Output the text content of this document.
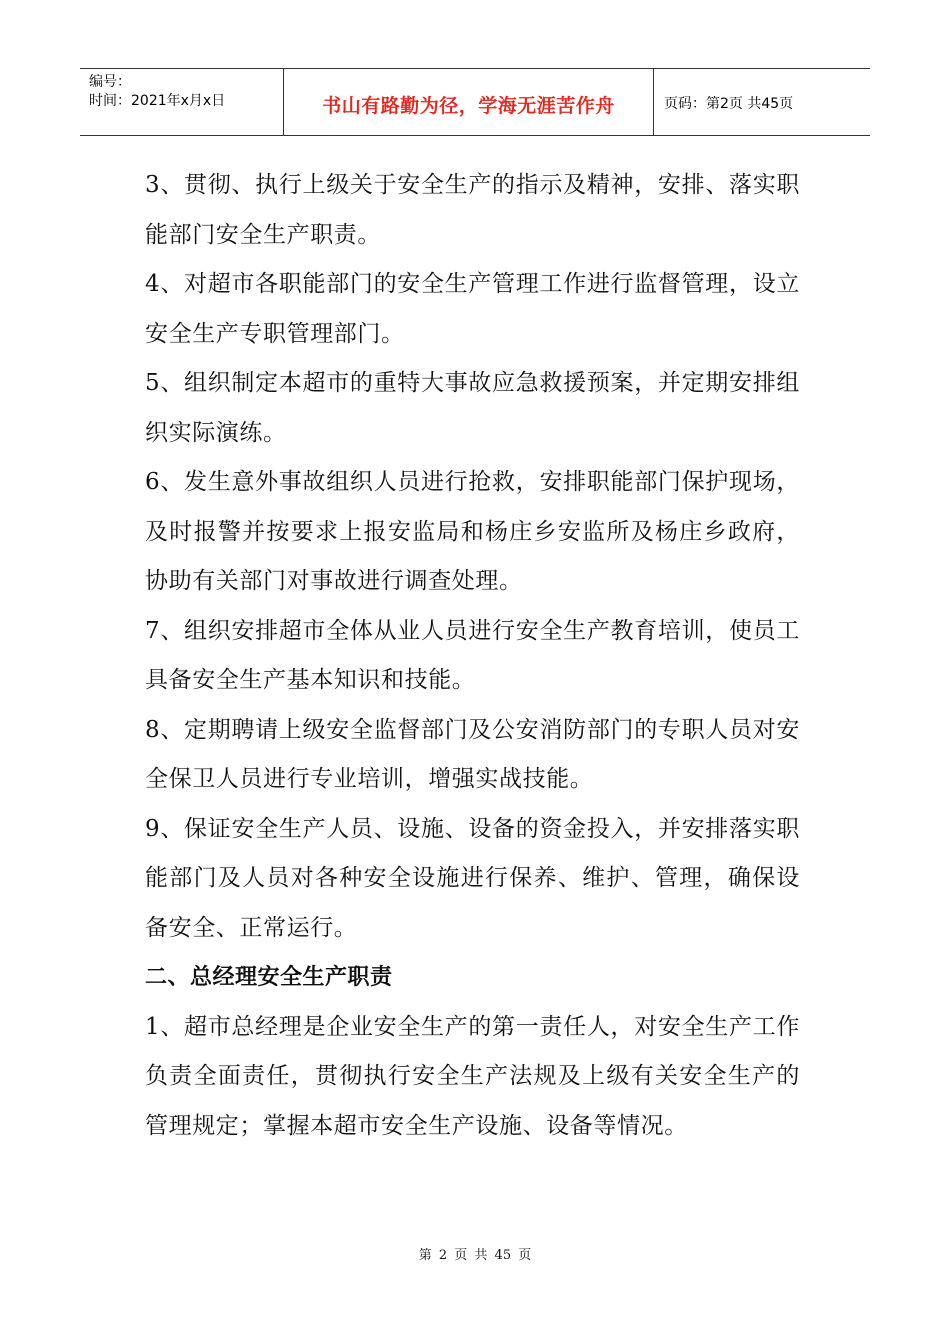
编号：
时间：2021年x月x日	书山有路勤为径，学海无涯苦作舟	页码：第2页 共45页

3、贯彻、执行上级关于安全生产的指示及精神，安排、落实职能部门安全生产职责。

4、对超市各职能部门的安全生产管理工作进行监督管理，设立安全生产专职管理部门。

5、组织制定本超市的重特大事故应急救援预案，并定期安排组织实际演练。

6、发生意外事故组织人员进行抢救，安排职能部门保护现场，及时报警并按要求上报安监局和杨庄乡安监所及杨庄乡政府，协助有关部门对事故进行调查处理。

7、组织安排超市全体从业人员进行安全生产教育培训，使员工具备安全生产基本知识和技能。

8、定期聘请上级安全监督部门及公安消防部门的专职人员对安全保卫人员进行专业培训，增强实战技能。

9、保证安全生产人员、设施、设备的资金投入，并安排落实职能部门及人员对各种安全设施进行保养、维护、管理，确保设备安全、正常运行。

二、总经理安全生产职责

1、超市总经理是企业安全生产的第一责任人，对安全生产工作负责全面责任，贯彻执行安全生产法规及上级有关安全生产的管理规定；掌握本超市安全生产设施、设备等情况。

第 2 页 共 45 页
